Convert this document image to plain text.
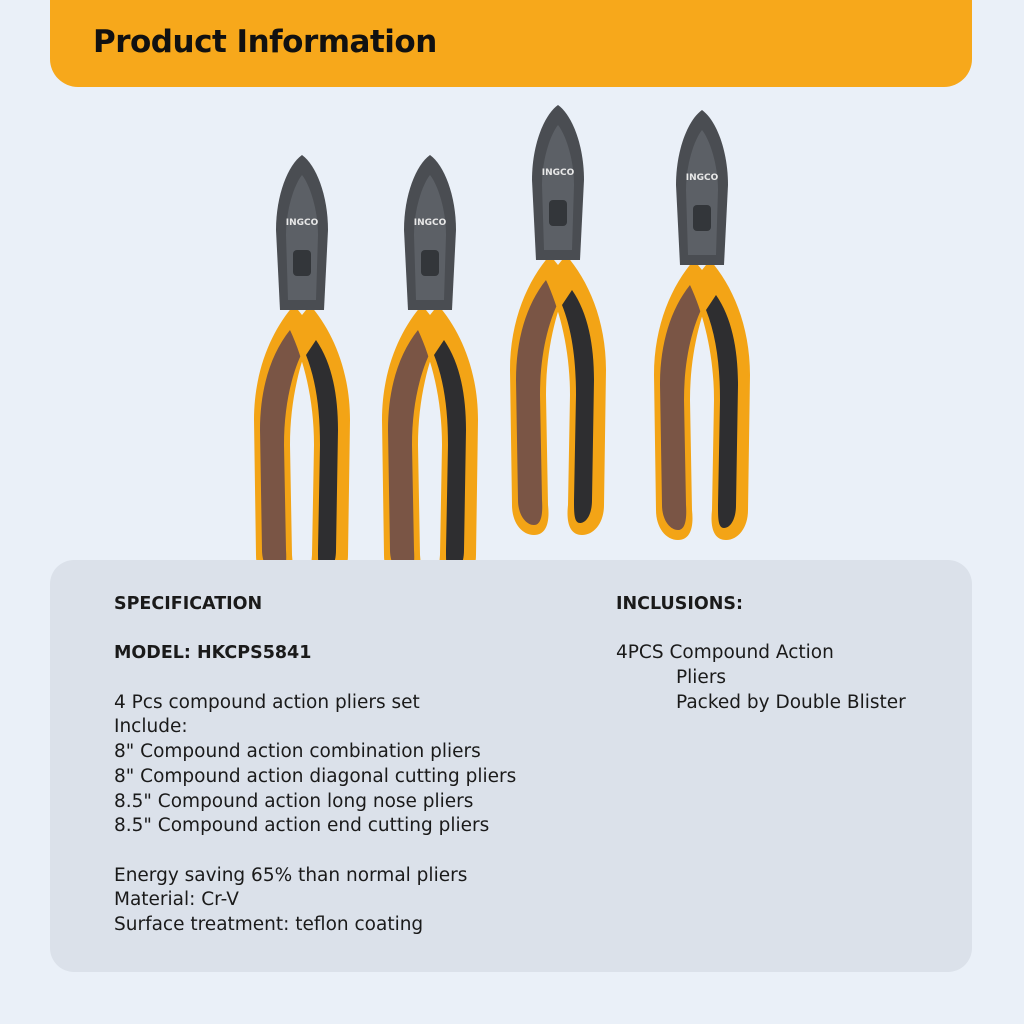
Product Information
INGCO
SPECIFICATION
MODEL: HKCPS5841
4 Pcs compound action pliers set
Include:
8" Compound action combination pliers
8" Compound action diagonal cutting pliers
8.5" Compound action long nose pliers
8.5" Compound action end cutting pliers
Energy saving 65% than normal pliers
Material: Cr-V
Surface treatment: teflon coating
INCLUSIONS:
4PCS Compound Action
Pliers
Packed by Double Blister
